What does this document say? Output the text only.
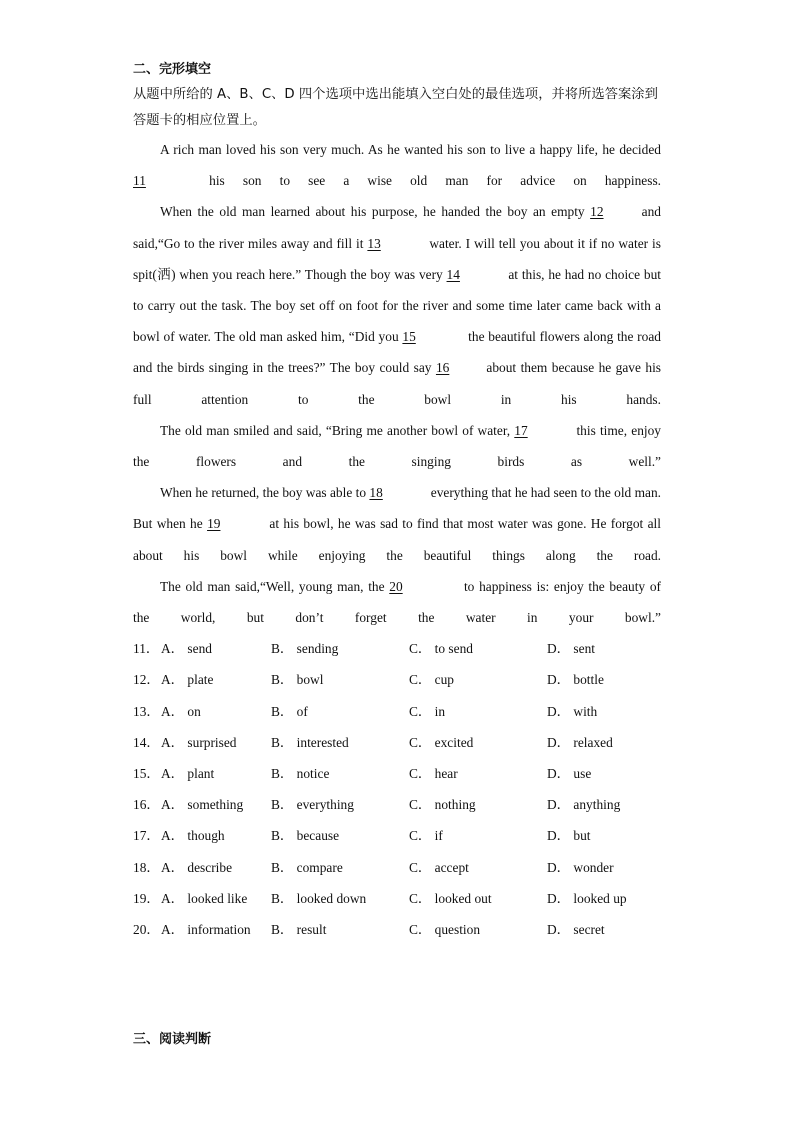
二、完形填空
从题中所给的 A、B、C、D 四个选项中选出能填入空白处的最佳选项，并将所选答案涂到答题卡的相应位置上。
A rich man loved his son very much. As he wanted his son to live a happy life, he decided 11	his son to see a wise old man for advice on happiness.
When the old man learned about his purpose, he handed the boy an empty 12 and said,“Go to the river miles away and fill it 13	water. I will tell you about it if no water is spit(洒) when you reach here.” Though the boy was very 14	at this, he had no choice but to carry out the task. The boy set off on foot for the river and some time later came back with a bowl of water. The old man asked him, “Did you 15	the beautiful flowers along the road and the birds singing in the trees?” The boy could say 16 about them because he gave his full attention to the bowl in his hands.
The old man smiled and said, “Bring me another bowl of water, 17	this time, enjoy the flowers and the singing birds as well.”
When he returned, the boy was able to 18	everything that he had seen to the old man. But when he 19	at his bowl, he was sad to find that most water was gone. He forgot all about his bowl while enjoying the beautiful things along the road.
The old man said,“Well, young man, the 20	to happiness is: enjoy the beauty of the world, but don’t forget the water in your bowl.”
11． A． send	B． sending	C． to send	D． sent
12． A． plate	B． bowl	C． cup	D． bottle
13． A． on	B． of	C． in	D． with
14． A． surprised	B． interested	C． excited	D． relaxed
15． A． plant	B． notice	C． hear	D． use
16． A． something	B． everything	C． nothing	D． anything
17． A． though	B． because	C． if	D． but
18． A． describe	B． compare	C． accept	D． wonder
19． A． looked like	B． looked down	C． looked out	D． looked up
20． A． information	B． result	C． question	D． secret
三、阅读判断
